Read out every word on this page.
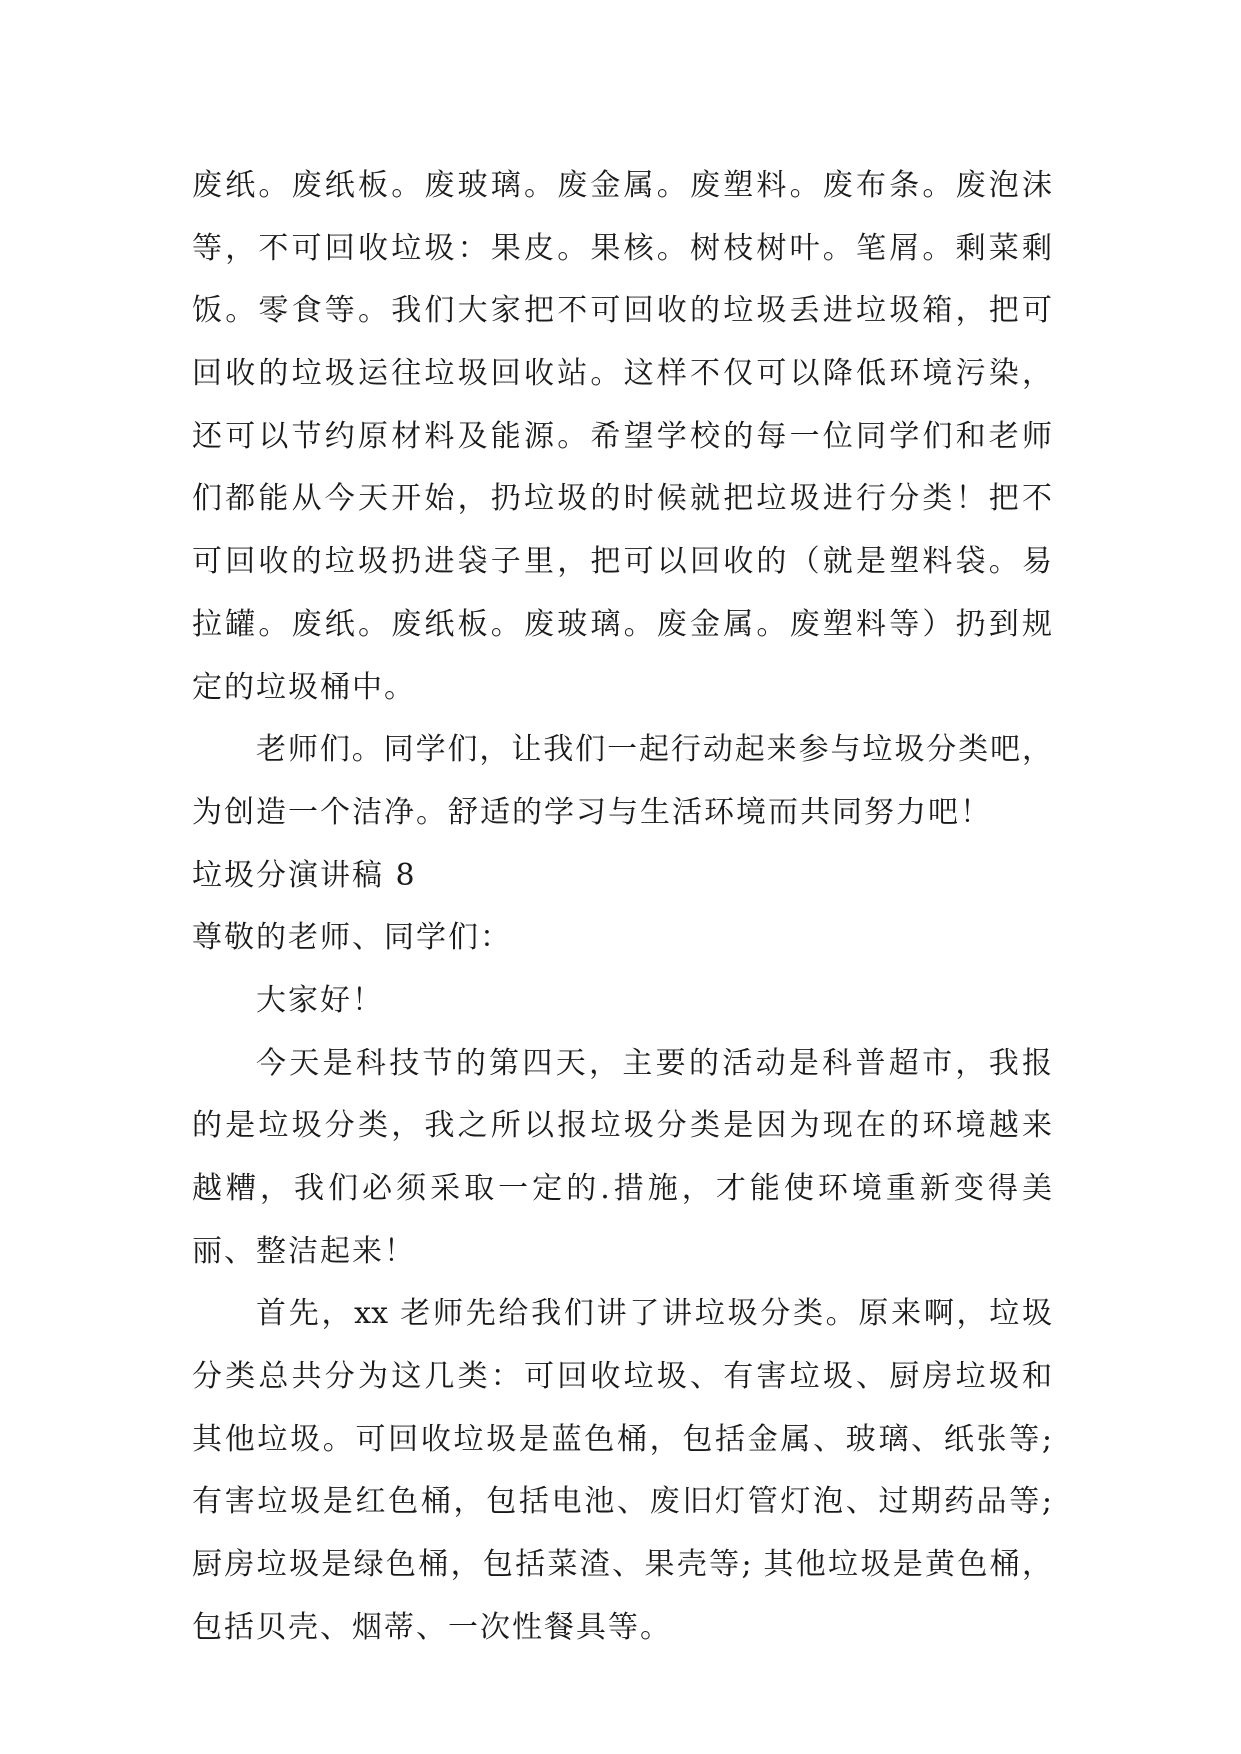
废纸。废纸板。废玻璃。废金属。废塑料。废布条。废泡沫
等，不可回收垃圾：果皮。果核。树枝树叶。笔屑。剩菜剩
饭。零食等。我们大家把不可回收的垃圾丢进垃圾箱，把可
回收的垃圾运往垃圾回收站。这样不仅可以降低环境污染，
还可以节约原材料及能源。希望学校的每一位同学们和老师
们都能从今天开始，扔垃圾的时候就把垃圾进行分类！把不
可回收的垃圾扔进袋子里，把可以回收的（就是塑料袋。易
拉罐。废纸。废纸板。废玻璃。废金属。废塑料等）扔到规
定的垃圾桶中。
老师们。同学们，让我们一起行动起来参与垃圾分类吧，
为创造一个洁净。舒适的学习与生活环境而共同努力吧！
垃圾分演讲稿 8
尊敬的老师、同学们：
大家好！
今天是科技节的第四天，主要的活动是科普超市，我报
的是垃圾分类，我之所以报垃圾分类是因为现在的环境越来
越糟，我们必须采取一定的.措施，才能使环境重新变得美
丽、整洁起来！
首先，xx 老师先给我们讲了讲垃圾分类。原来啊，垃圾
分类总共分为这几类：可回收垃圾、有害垃圾、厨房垃圾和
其他垃圾。可回收垃圾是蓝色桶，包括金属、玻璃、纸张等;
有害垃圾是红色桶，包括电池、废旧灯管灯泡、过期药品等;
厨房垃圾是绿色桶，包括菜渣、果壳等; 其他垃圾是黄色桶，
包括贝壳、烟蒂、一次性餐具等。
